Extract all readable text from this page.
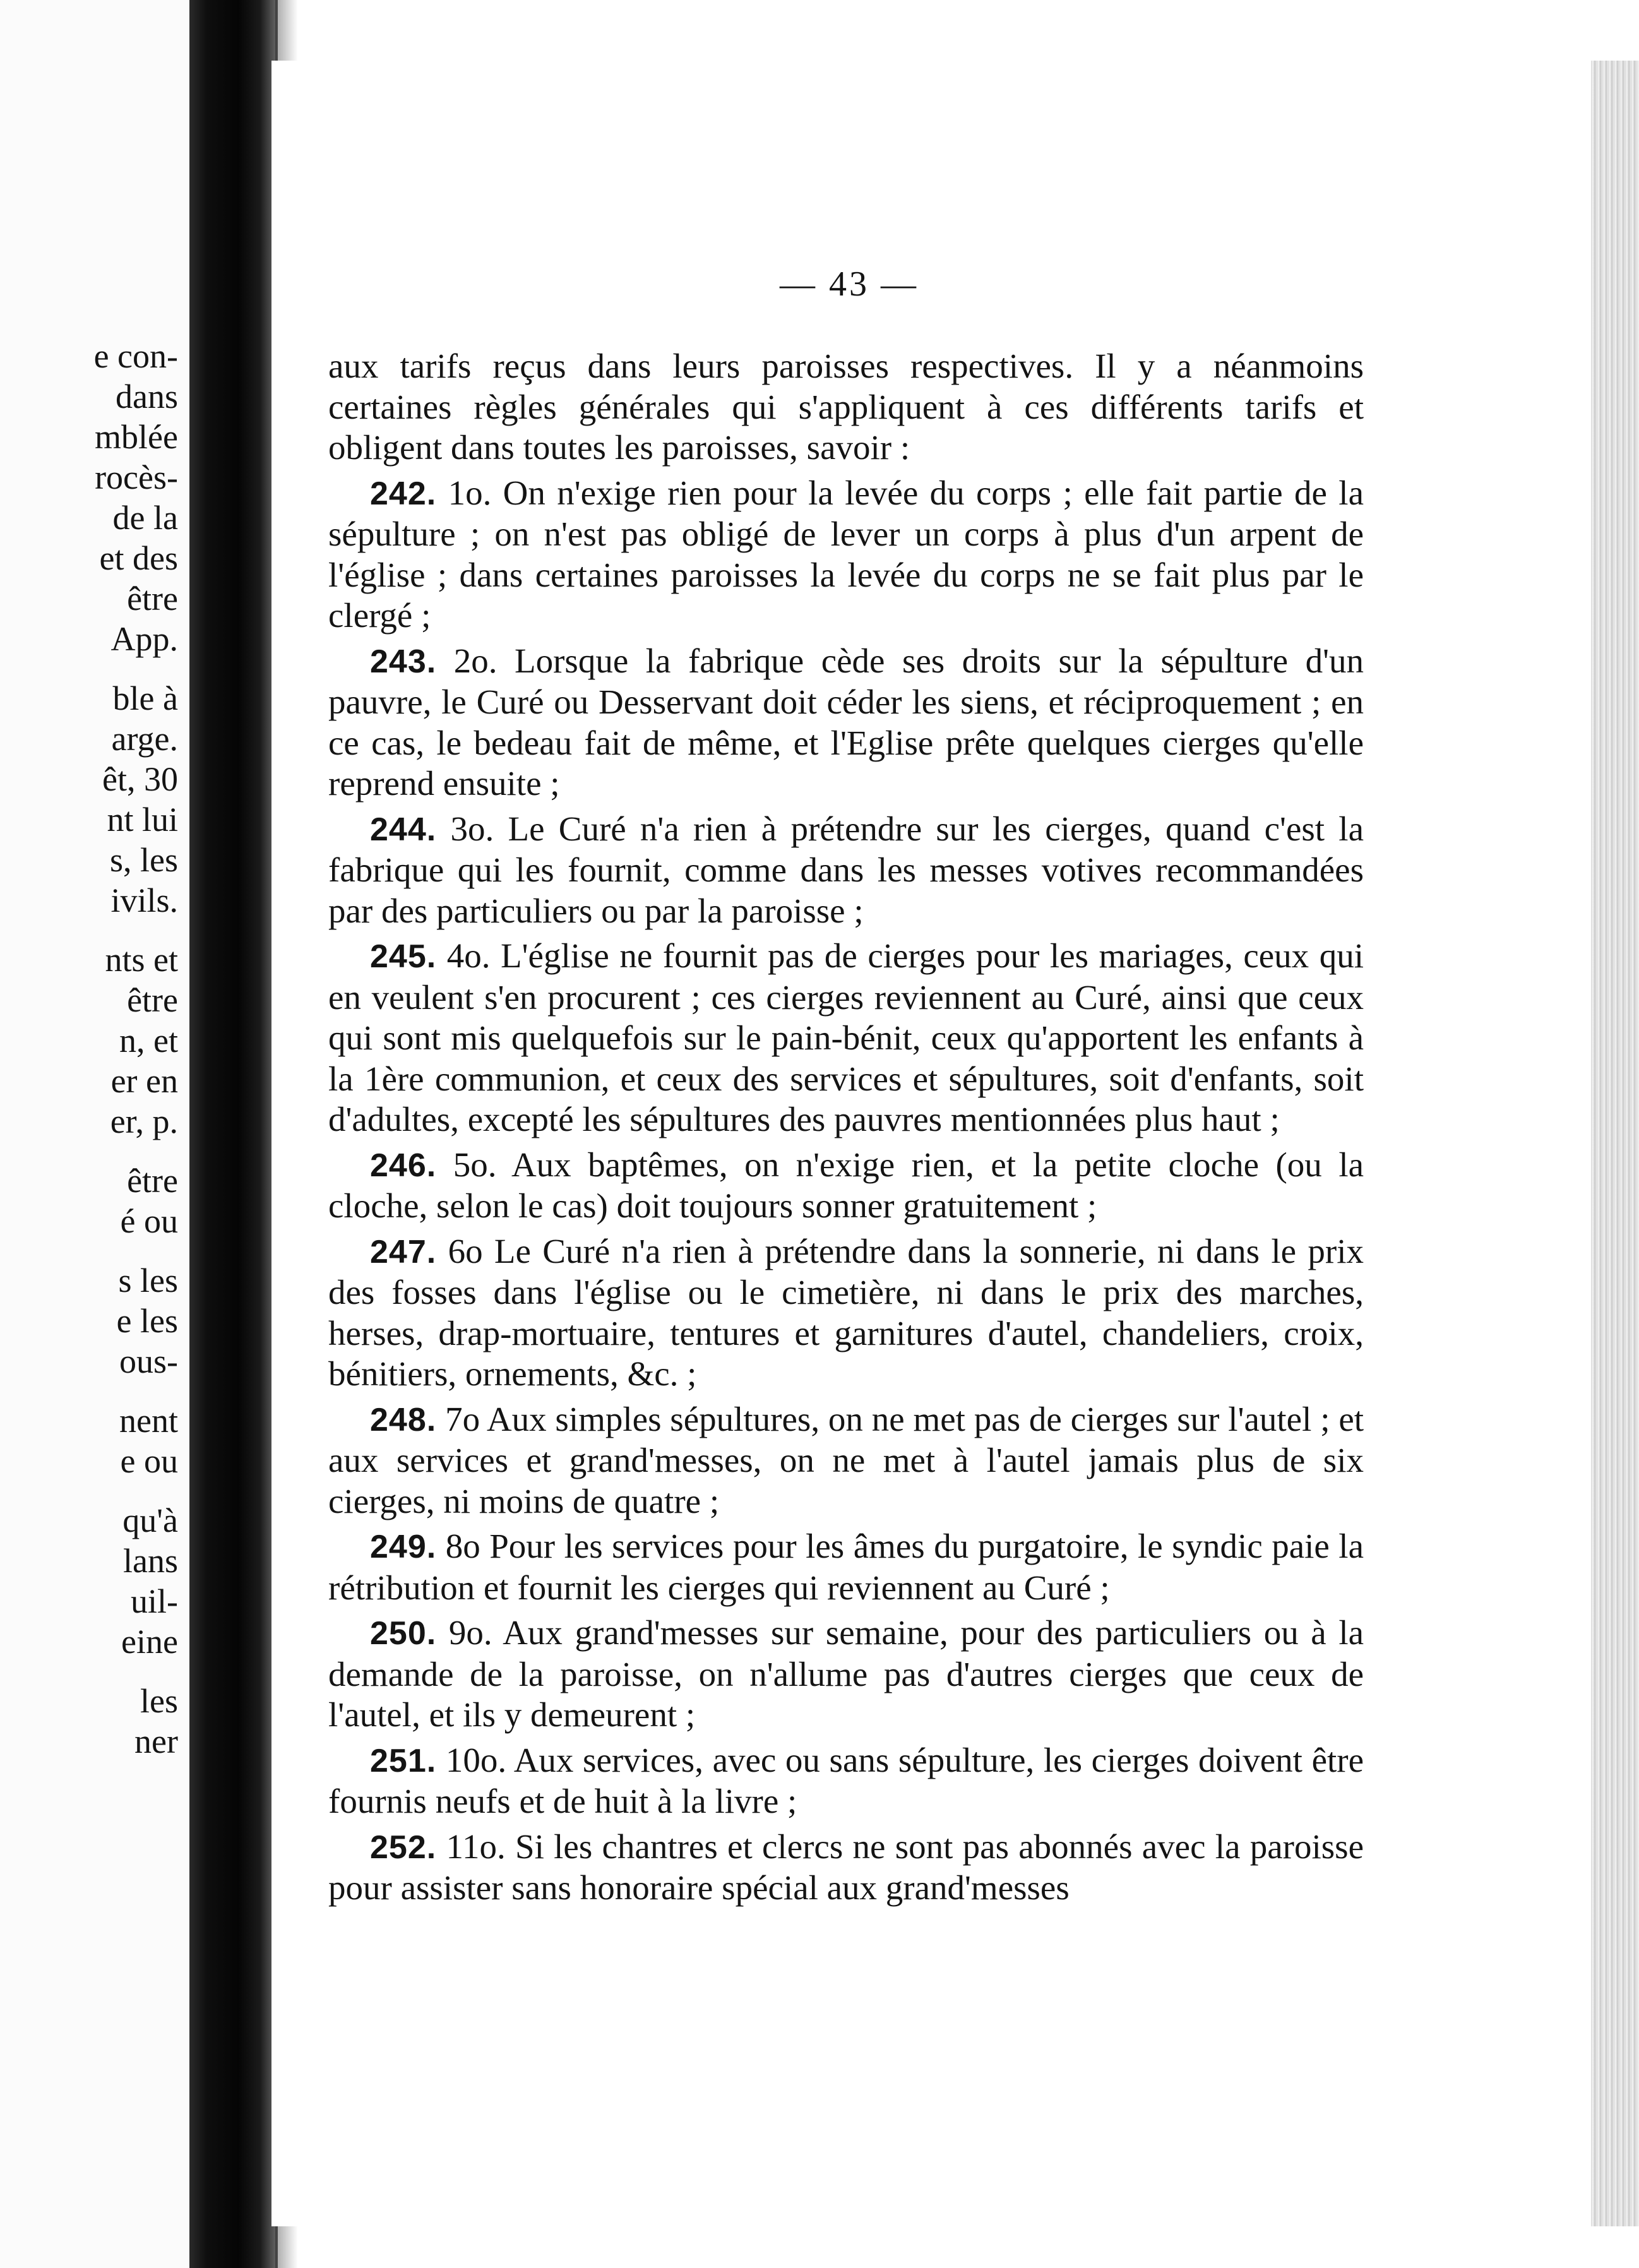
e con-
dans
mblée
rocès-
de la
et des
être
App.
ble à
arge.
êt, 30
nt lui
s, les
ivils.
nts et
être
n, et
er en
er, p.
être
é ou
s les
e les
ous-
nent
e ou
qu'à
lans
uil-
eine
les
ner
— 43 —

aux tarifs reçus dans leurs paroisses respectives. Il y a néanmoins certaines règles générales qui s'appliquent à ces différents tarifs et obligent dans toutes les paroisses, savoir :

242. 1o. On n'exige rien pour la levée du corps ; elle fait partie de la sépulture ; on n'est pas obligé de lever un corps à plus d'un arpent de l'église ; dans certaines paroisses la levée du corps ne se fait plus par le clergé ;

243. 2o. Lorsque la fabrique cède ses droits sur la sépulture d'un pauvre, le Curé ou Desservant doit céder les siens, et réciproquement ; en ce cas, le bedeau fait de même, et l'Eglise prête quelques cierges qu'elle reprend ensuite ;

244. 3o. Le Curé n'a rien à prétendre sur les cierges, quand c'est la fabrique qui les fournit, comme dans les messes votives recommandées par des particuliers ou par la paroisse ;

245. 4o. L'église ne fournit pas de cierges pour les mariages, ceux qui en veulent s'en procurent ; ces cierges reviennent au Curé, ainsi que ceux qui sont mis quelquefois sur le pain-bénit, ceux qu'apportent les enfants à la 1ère communion, et ceux des services et sépultures, soit d'enfants, soit d'adultes, excepté les sépultures des pauvres mentionnées plus haut ;

246. 5o. Aux baptêmes, on n'exige rien, et la petite cloche (ou la cloche, selon le cas) doit toujours sonner gratuitement ;

247. 6o Le Curé n'a rien à prétendre dans la sonnerie, ni dans le prix des fosses dans l'église ou le cimetière, ni dans le prix des marches, herses, drap-mortuaire, tentures et garnitures d'autel, chandeliers, croix, bénitiers, ornements, &c. ;

248. 7o Aux simples sépultures, on ne met pas de cierges sur l'autel ; et aux services et grand'messes, on ne met à l'autel jamais plus de six cierges, ni moins de quatre ;

249. 8o Pour les services pour les âmes du purgatoire, le syndic paie la rétribution et fournit les cierges qui reviennent au Curé ;

250. 9o. Aux grand'messes sur semaine, pour des particuliers ou à la demande de la paroisse, on n'allume pas d'autres cierges que ceux de l'autel, et ils y demeurent ;

251. 10o. Aux services, avec ou sans sépulture, les cierges doivent être fournis neufs et de huit à la livre ;

252. 11o. Si les chantres et clercs ne sont pas abonnés avec la paroisse pour assister sans honoraire spécial aux grand'messes
